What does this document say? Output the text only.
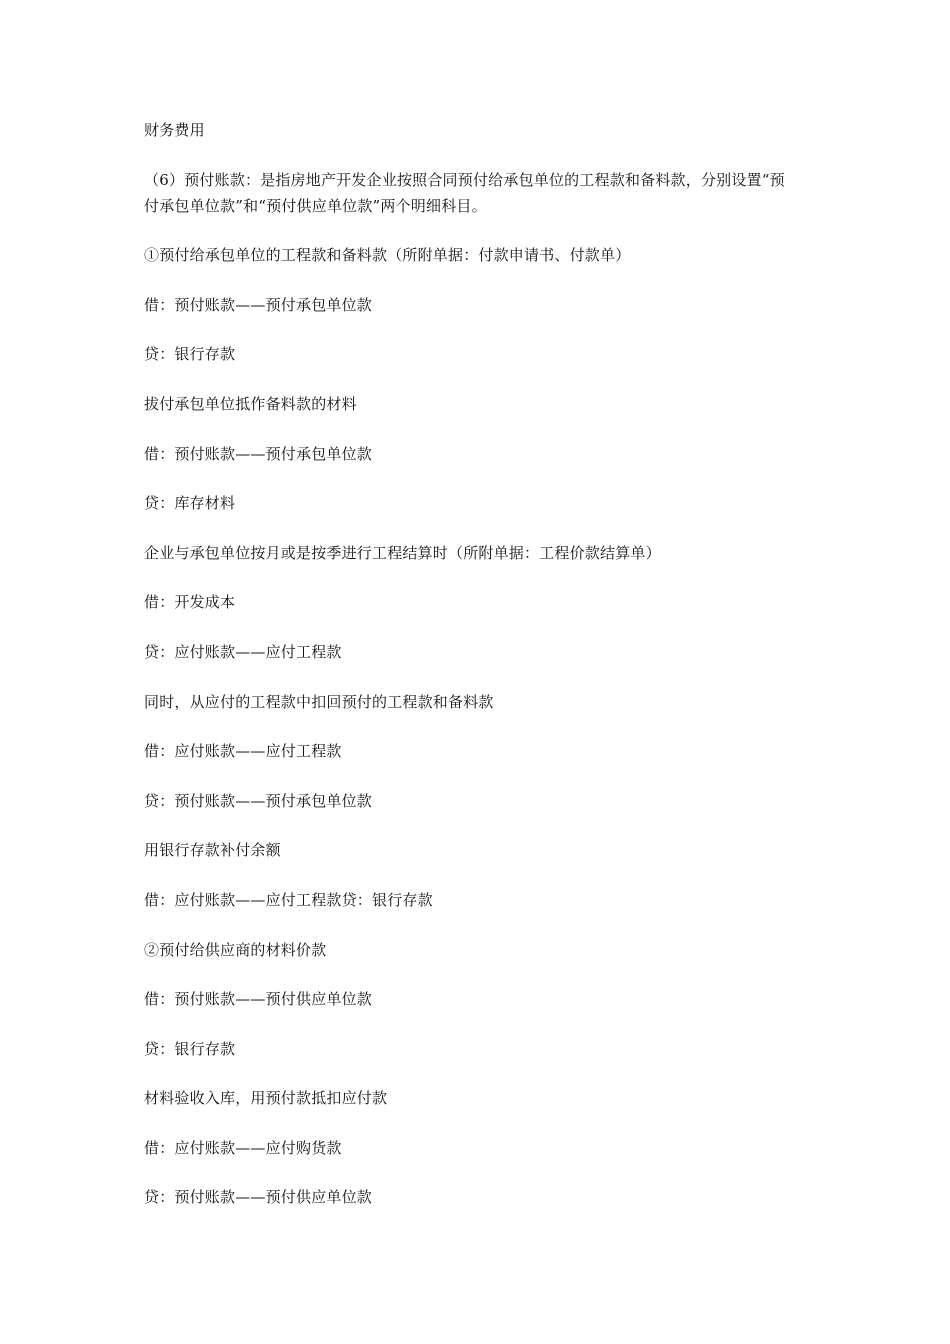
财务费用
（6）预付账款：是指房地产开发企业按照合同预付给承包单位的工程款和备料款，分别设置“预
付承包单位款”和“预付供应单位款”两个明细科目。
①预付给承包单位的工程款和备料款（所附单据：付款申请书、付款单）
借：预付账款——预付承包单位款
贷：银行存款
拔付承包单位抵作备料款的材料
借：预付账款——预付承包单位款
贷：库存材料
企业与承包单位按月或是按季进行工程结算时（所附单据：工程价款结算单）
借：开发成本
贷：应付账款——应付工程款
同时，从应付的工程款中扣回预付的工程款和备料款
借：应付账款——应付工程款
贷：预付账款——预付承包单位款
用银行存款补付余额
借：应付账款——应付工程款贷：银行存款
②预付给供应商的材料价款
借：预付账款——预付供应单位款
贷：银行存款
材料验收入库，用预付款抵扣应付款
借：应付账款——应付购货款
贷：预付账款——预付供应单位款
